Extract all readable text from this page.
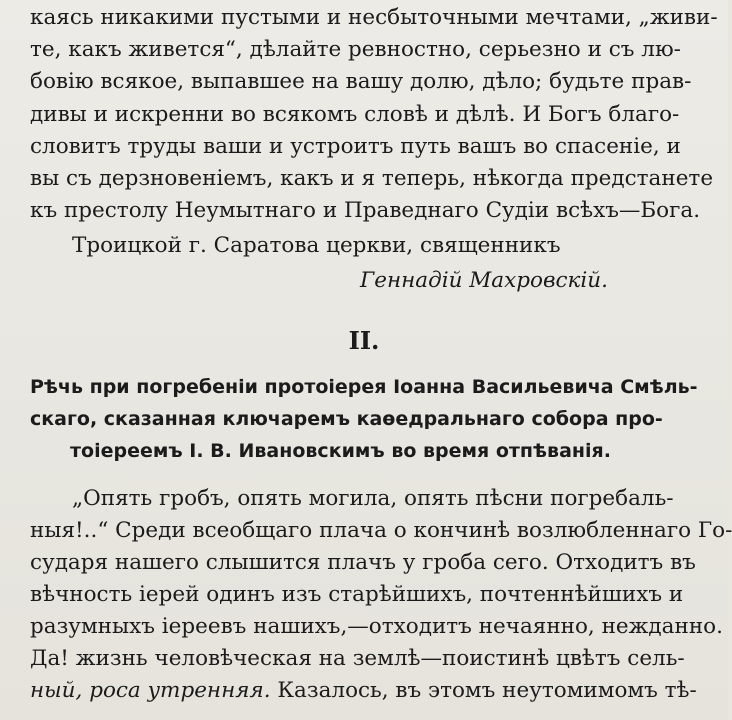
каясь никакими пустыми и несбыточными мечтами, „живи-
те, какъ живется“, дѣлайте ревностно, серьезно и съ лю-
бовію всякое, выпавшее на вашу долю, дѣло; будьте прав-
дивы и искренни во всякомъ словѣ и дѣлѣ. И Богъ благо-
словитъ труды ваши и устроитъ путь вашъ во спасеніе, и
вы съ дерзновеніемъ, какъ и я теперь, нѣкогда предстанете
къ престолу Неумытнаго и Праведнаго Судіи всѣхъ—Бога.
Троицкой г. Саратова церкви, священникъ
Геннадій Махровскій.
II.
Рѣчь при погребеніи протоіерея Іоанна Васильевича Смѣль-
скаго, сказанная ключаремъ каѳедральнаго собора про-
тоіереемъ І. В. Ивановскимъ во время отпѣванія.
„Опять гробъ, опять могила, опять пѣсни погребаль-
ныя!..“ Среди всеобщаго плача о кончинѣ возлюбленнаго Го-
сударя нашего слышится плачъ у гроба сего. Отходитъ въ
вѣчность іерей одинъ изъ старѣйшихъ, почтеннѣйшихъ и
разумныхъ іереевъ нашихъ,—отходитъ нечаянно, нежданно.
Да! жизнь человѣческая на землѣ—поистинѣ цвѣтъ сель-
ный, роса утренняя. Казалось, въ этомъ неутомимомъ тѣ-
